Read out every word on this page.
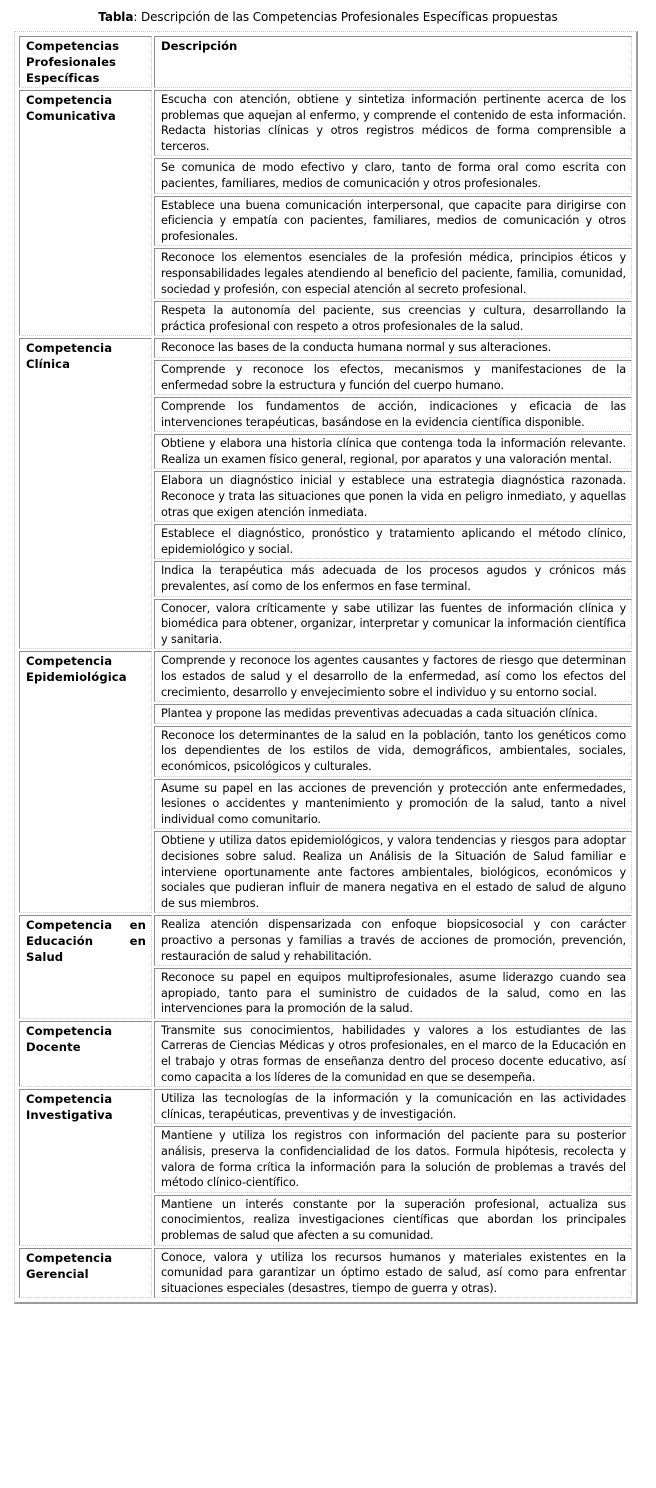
Tabla: Descripción de las Competencias Profesionales Específicas propuestas
Competencias Profesionales Específicas	Descripción
Competencia Comunicativa	Escucha con atención, obtiene y sintetiza información pertinente acerca de los problemas que aquejan al enfermo, y comprende el contenido de esta información. Redacta historias clínicas y otros registros médicos de forma comprensible a terceros.
	Se comunica de modo efectivo y claro, tanto de forma oral como escrita con pacientes, familiares, medios de comunicación y otros profesionales.
	Establece una buena comunicación interpersonal, que capacite para dirigirse con eficiencia y empatía con pacientes, familiares, medios de comunicación y otros profesionales.
	Reconoce los elementos esenciales de la profesión médica, principios éticos y responsabilidades legales atendiendo al beneficio del paciente, familia, comunidad, sociedad y profesión, con especial atención al secreto profesional.
	Respeta la autonomía del paciente, sus creencias y cultura, desarrollando la práctica profesional con respeto a otros profesionales de la salud.
Competencia Clínica	Reconoce las bases de la conducta humana normal y sus alteraciones.
	Comprende y reconoce los efectos, mecanismos y manifestaciones de la enfermedad sobre la estructura y función del cuerpo humano.
	Comprende los fundamentos de acción, indicaciones y eficacia de las intervenciones terapéuticas, basándose en la evidencia científica disponible.
	Obtiene y elabora una historia clínica que contenga toda la información relevante. Realiza un examen físico general, regional, por aparatos y una valoración mental.
	Elabora un diagnóstico inicial y establece una estrategia diagnóstica razonada. Reconoce y trata las situaciones que ponen la vida en peligro inmediato, y aquellas otras que exigen atención inmediata.
	Establece el diagnóstico, pronóstico y tratamiento aplicando el método clínico, epidemiológico y social.
	Indica la terapéutica más adecuada de los procesos agudos y crónicos más prevalentes, así como de los enfermos en fase terminal.
	Conocer, valora críticamente y sabe utilizar las fuentes de información clínica y biomédica para obtener, organizar, interpretar y comunicar la información científica y sanitaria.
Competencia Epidemiológica	Comprende y reconoce los agentes causantes y factores de riesgo que determinan los estados de salud y el desarrollo de la enfermedad, así como los efectos del crecimiento, desarrollo y envejecimiento sobre el individuo y su entorno social.
	Plantea y propone las medidas preventivas adecuadas a cada situación clínica.
	Reconoce los determinantes de la salud en la población, tanto los genéticos como los dependientes de los estilos de vida, demográficos, ambientales, sociales, económicos, psicológicos y culturales.
	Asume su papel en las acciones de prevención y protección ante enfermedades, lesiones o accidentes y mantenimiento y promoción de la salud, tanto a nivel individual como comunitario.
	Obtiene y utiliza datos epidemiológicos, y valora tendencias y riesgos para adoptar decisiones sobre salud. Realiza un Análisis de la Situación de Salud familiar e interviene oportunamente ante factores ambientales, biológicos, económicos y sociales que pudieran influir de manera negativa en el estado de salud de alguno de sus miembros.
Competencia en Educación en Salud	Realiza atención dispensarizada con enfoque biopsicosocial y con carácter proactivo a personas y familias a través de acciones de promoción, prevención, restauración de salud y rehabilitación.
	Reconoce su papel en equipos multiprofesionales, asume liderazgo cuando sea apropiado, tanto para el suministro de cuidados de la salud, como en las intervenciones para la promoción de la salud.
Competencia Docente	Transmite sus conocimientos, habilidades y valores a los estudiantes de las Carreras de Ciencias Médicas y otros profesionales, en el marco de la Educación en el trabajo y otras formas de enseñanza dentro del proceso docente educativo, así como capacita a los líderes de la comunidad en que se desempeña.
Competencia Investigativa	Utiliza las tecnologías de la información y la comunicación en las actividades clínicas, terapéuticas, preventivas y de investigación.
	Mantiene y utiliza los registros con información del paciente para su posterior análisis, preserva la confidencialidad de los datos. Formula hipótesis, recolecta y valora de forma crítica la información para la solución de problemas a través del método clínico-científico.
	Mantiene un interés constante por la superación profesional, actualiza sus conocimientos, realiza investigaciones científicas que abordan los principales problemas de salud que afecten a su comunidad.
Competencia Gerencial	Conoce, valora y utiliza los recursos humanos y materiales existentes en la comunidad para garantizar un óptimo estado de salud, así como para enfrentar situaciones especiales (desastres, tiempo de guerra y otras).
